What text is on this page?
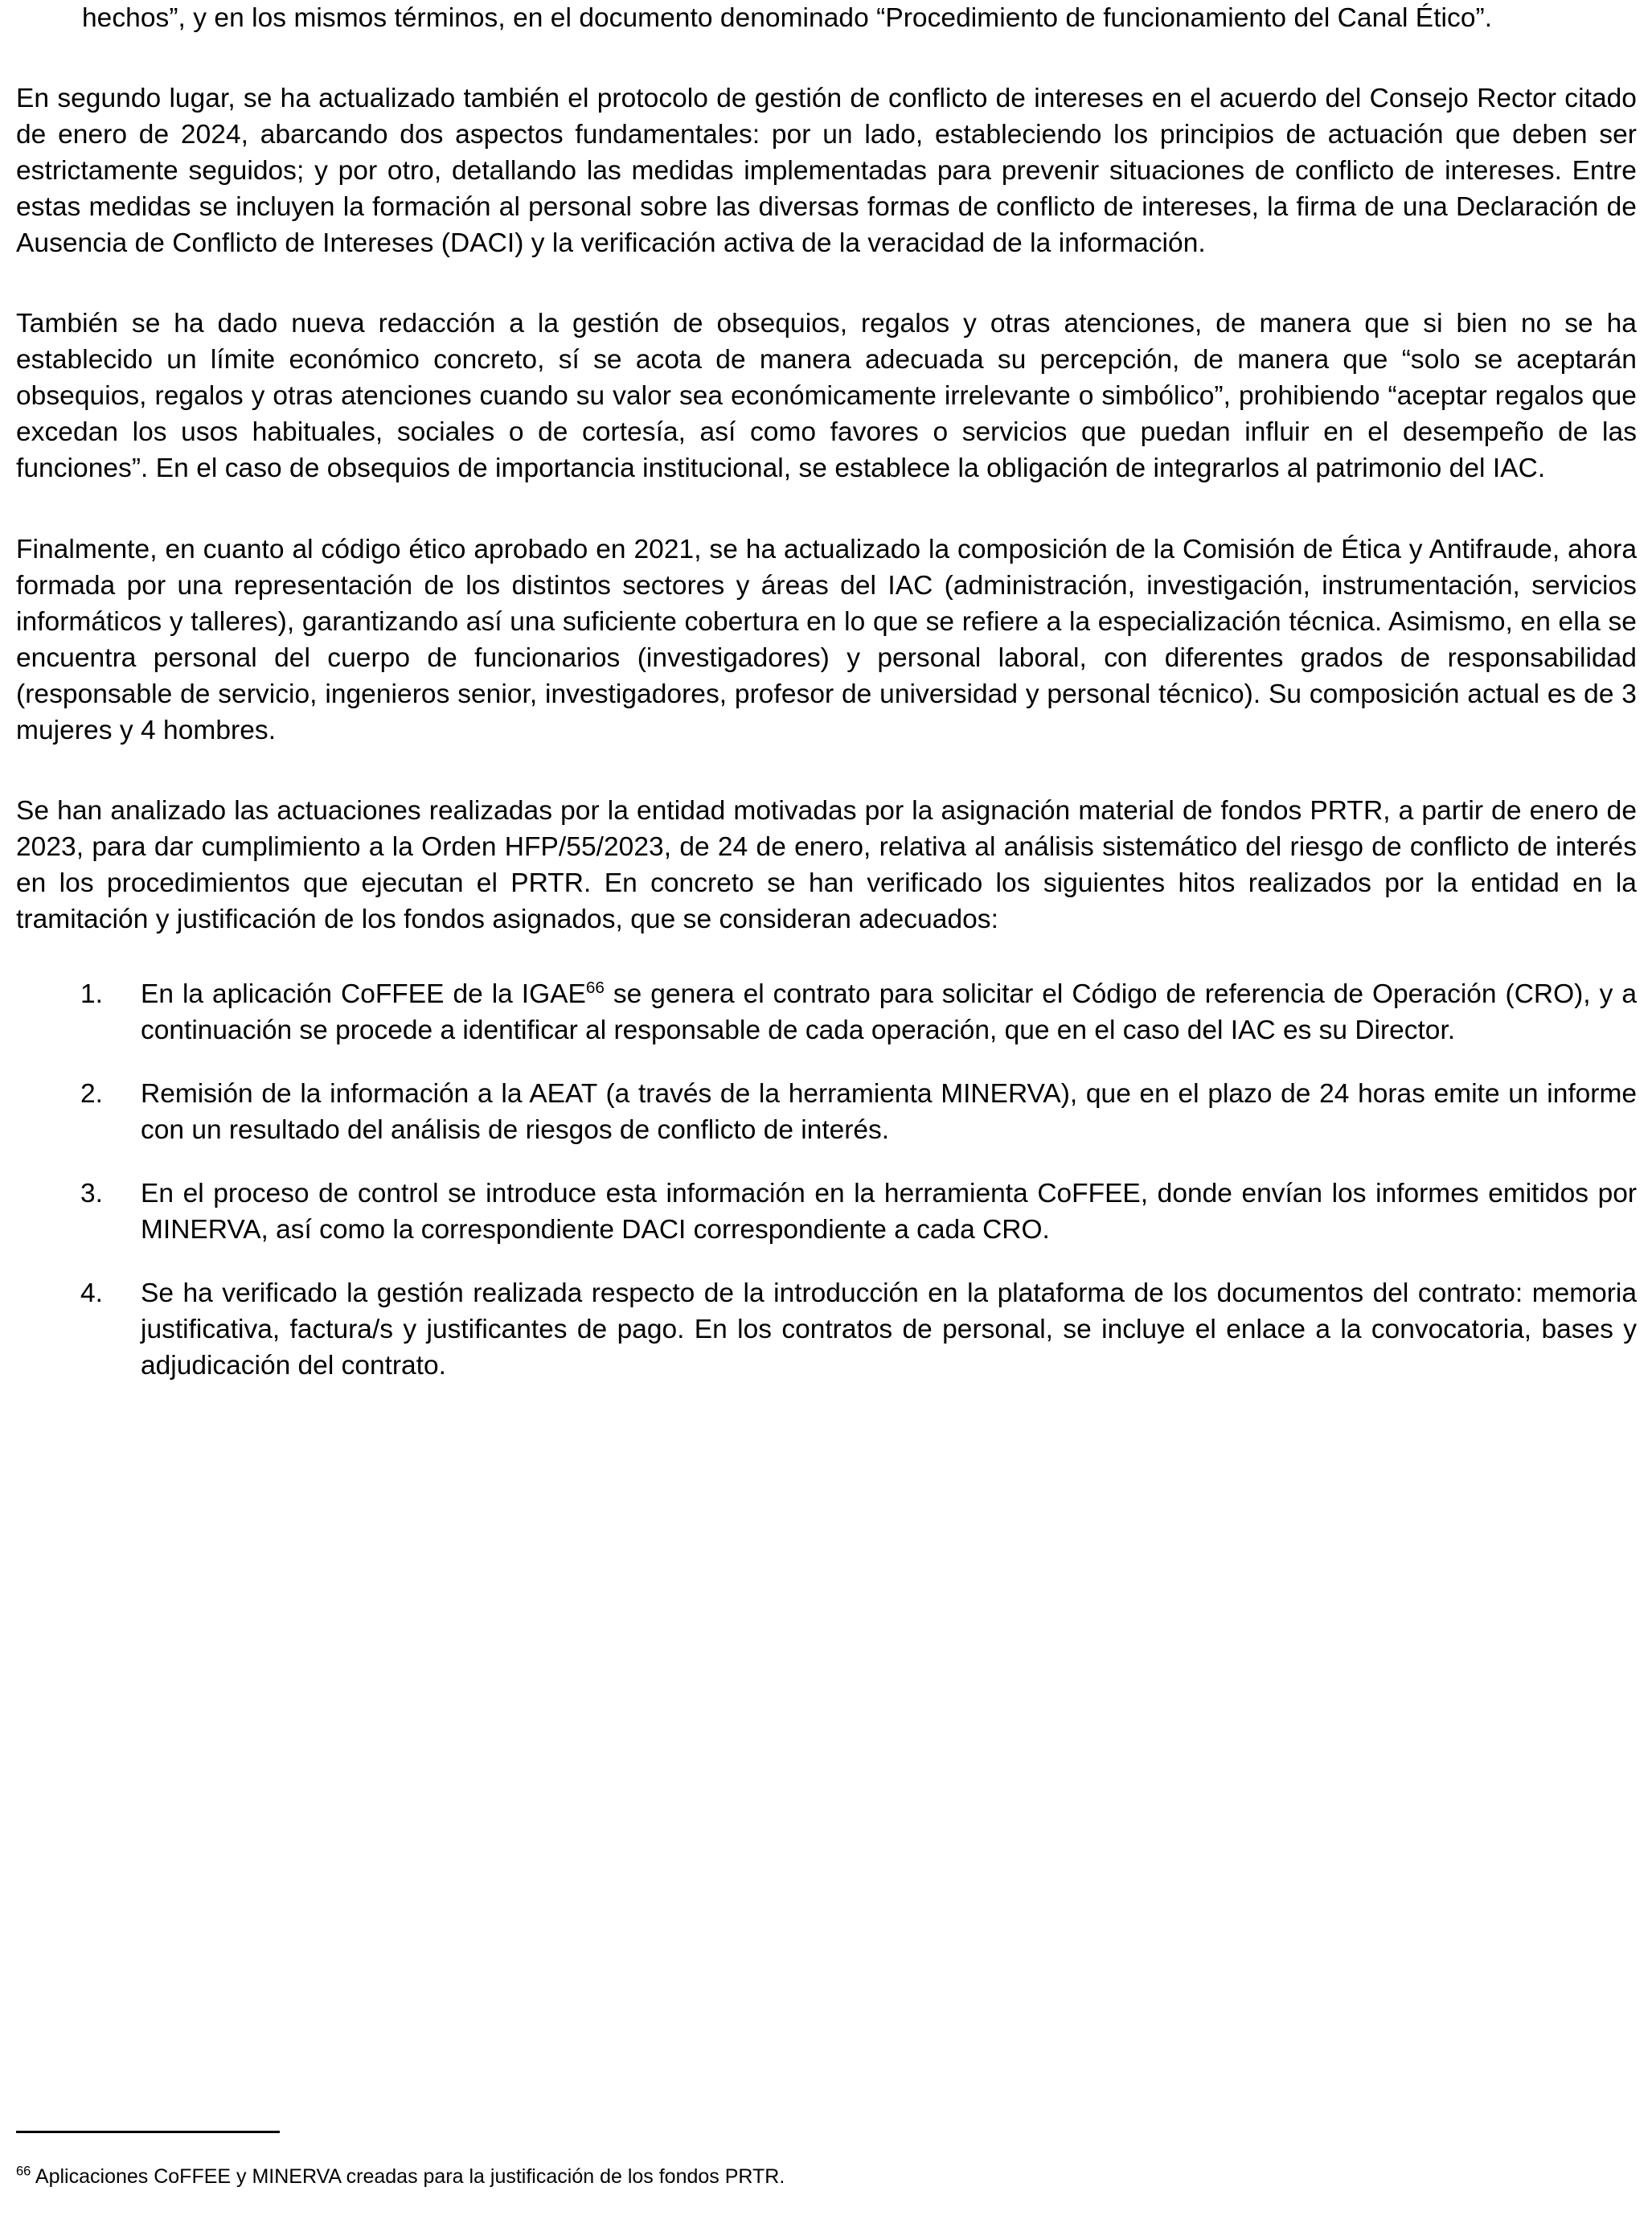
hechos”, y en los mismos términos, en el documento denominado “Procedimiento de funcionamiento del Canal Ético”.

En segundo lugar, se ha actualizado también el protocolo de gestión de conflicto de intereses en el acuerdo del Consejo Rector citado de enero de 2024, abarcando dos aspectos fundamentales: por un lado, estableciendo los principios de actuación que deben ser estrictamente seguidos; y por otro, detallando las medidas implementadas para prevenir situaciones de conflicto de intereses. Entre estas medidas se incluyen la formación al personal sobre las diversas formas de conflicto de intereses, la firma de una Declaración de Ausencia de Conflicto de Intereses (DACI) y la verificación activa de la veracidad de la información.

También se ha dado nueva redacción a la gestión de obsequios, regalos y otras atenciones, de manera que si bien no se ha establecido un límite económico concreto, sí se acota de manera adecuada su percepción, de manera que “solo se aceptarán obsequios, regalos y otras atenciones cuando su valor sea económicamente irrelevante o simbólico”, prohibiendo “aceptar regalos que excedan los usos habituales, sociales o de cortesía, así como favores o servicios que puedan influir en el desempeño de las funciones”. En el caso de obsequios de importancia institucional, se establece la obligación de integrarlos al patrimonio del IAC.

Finalmente, en cuanto al código ético aprobado en 2021, se ha actualizado la composición de la Comisión de Ética y Antifraude, ahora formada por una representación de los distintos sectores y áreas del IAC (administración, investigación, instrumentación, servicios informáticos y talleres), garantizando así una suficiente cobertura en lo que se refiere a la especialización técnica. Asimismo, en ella se encuentra personal del cuerpo de funcionarios (investigadores) y personal laboral, con diferentes grados de responsabilidad (responsable de servicio, ingenieros senior, investigadores, profesor de universidad y personal técnico). Su composición actual es de 3 mujeres y 4 hombres.

Se han analizado las actuaciones realizadas por la entidad motivadas por la asignación material de fondos PRTR, a partir de enero de 2023, para dar cumplimiento a la Orden HFP/55/2023, de 24 de enero, relativa al análisis sistemático del riesgo de conflicto de interés en los procedimientos que ejecutan el PRTR. En concreto se han verificado los siguientes hitos realizados por la entidad en la tramitación y justificación de los fondos asignados, que se consideran adecuados:

1.	En la aplicación CoFFEE de la IGAE$^{66}$ se genera el contrato para solicitar el Código de referencia de Operación (CRO), y a continuación se procede a identificar al responsable de cada operación, que en el caso del IAC es su Director.
2.	Remisión de la información a la AEAT (a través de la herramienta MINERVA), que en el plazo de 24 horas emite un informe con un resultado del análisis de riesgos de conflicto de interés.
3.	En el proceso de control se introduce esta información en la herramienta CoFFEE, donde envían los informes emitidos por MINERVA, así como la correspondiente DACI correspondiente a cada CRO.
4.	Se ha verificado la gestión realizada respecto de la introducción en la plataforma de los documentos del contrato: memoria justificativa, factura/s y justificantes de pago. En los contratos de personal, se incluye el enlace a la convocatoria, bases y adjudicación del contrato.
$^{66}$ Aplicaciones CoFFEE y MINERVA creadas para la justificación de los fondos PRTR.
